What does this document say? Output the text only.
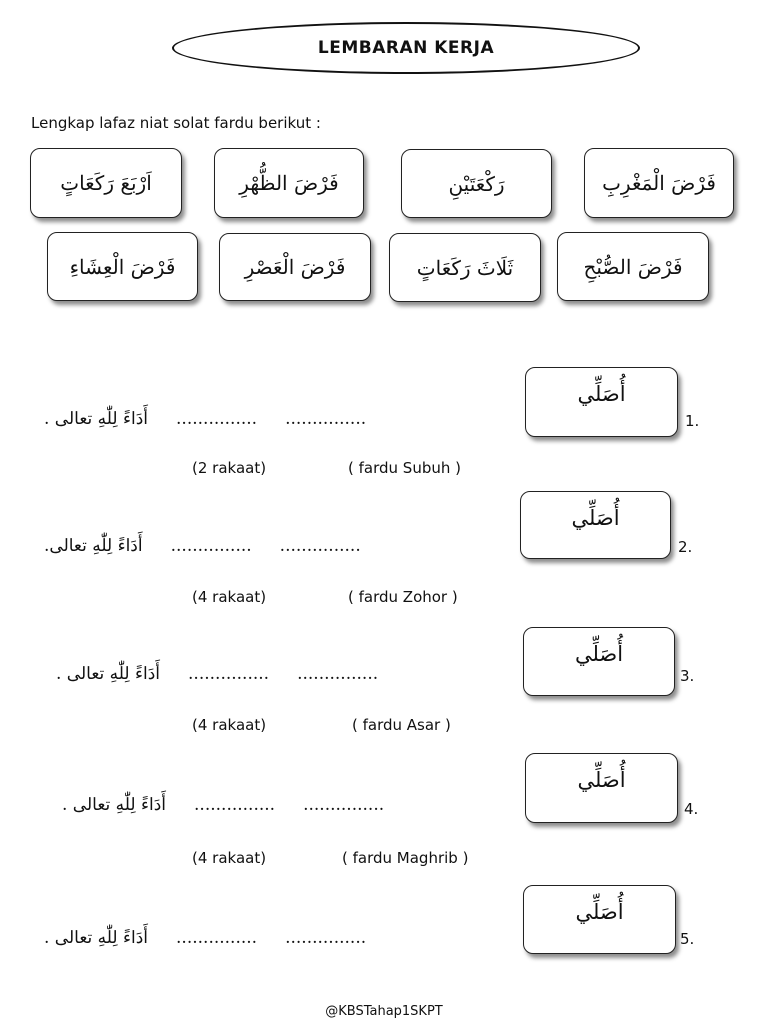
LEMBARAN KERJA
Lengkap lafaz niat solat fardu berikut :
اَرْبَعَ رَكَعَاتٍ	فَرْضَ الظُّهْرِ	رَكْعَتَيْنِ	فَرْضَ الْمَغْرِبِ
فَرْضَ الْعِشَاءِ	فَرْضَ الْعَصْرِ	ثَلَاثَ رَكَعَاتٍ	فَرْضَ الصُّبْحِ
أُصَلِّي
1.
...............
...............
أَدَاءً لِلّٰهِ تعالى .
(2 rakaat)	( fardu Subuh )
أُصَلِّي
2.
...............
...............
أَدَاءً لِلّٰهِ تعالى.
(4 rakaat)	( fardu Zohor )
أُصَلِّي
3.
...............
...............
أَدَاءً لِلّٰهِ تعالى .
(4 rakaat)	( fardu Asar )
أُصَلِّي
4.
...............
...............
أَدَاءً لِلّٰهِ تعالى .
(4 rakaat)	( fardu Maghrib )
أُصَلِّي
5.
...............
...............
أَدَاءً لِلّٰهِ تعالى .
@KBSTahap1SKPT
